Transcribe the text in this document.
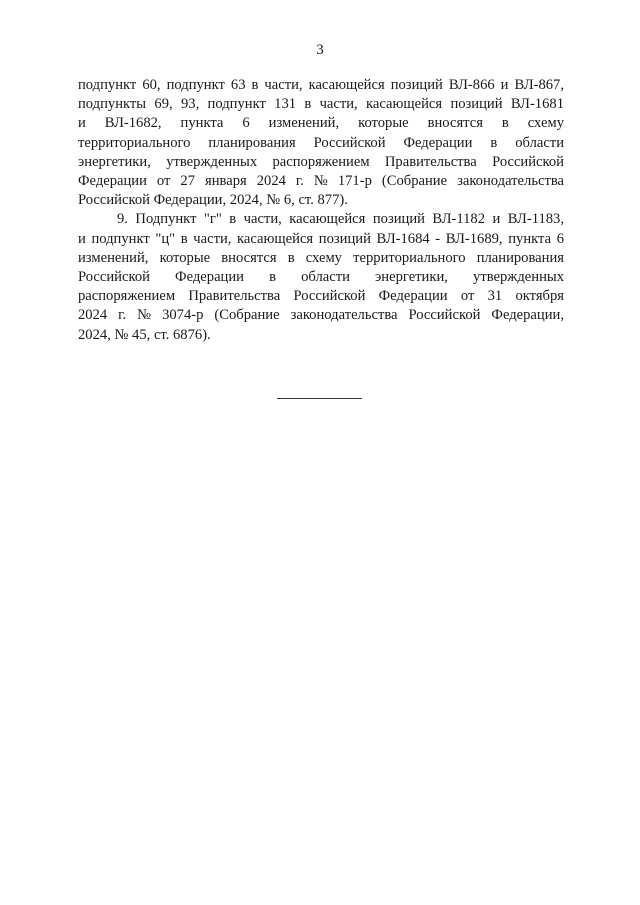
3
подпункт 60, подпункт 63 в части, касающейся позиций ВЛ-866 и ВЛ-867,
подпункты 69, 93, подпункт 131 в части, касающейся позиций ВЛ-1681
и ВЛ-1682, пункта 6 изменений, которые вносятся в схему
территориального планирования Российской Федерации в области
энергетики, утвержденных распоряжением Правительства Российской
Федерации от 27 января 2024 г. № 171-р (Собрание законодательства
Российской Федерации, 2024, № 6, ст. 877).
9. Подпункт "г" в части, касающейся позиций ВЛ-1182 и ВЛ-1183,
и подпункт "ц" в части, касающейся позиций ВЛ-1684 - ВЛ-1689, пункта 6
изменений, которые вносятся в схему территориального планирования
Российской Федерации в области энергетики, утвержденных
распоряжением Правительства Российской Федерации от 31 октября
2024 г. № 3074-р (Собрание законодательства Российской Федерации,
2024, № 45, ст. 6876).
